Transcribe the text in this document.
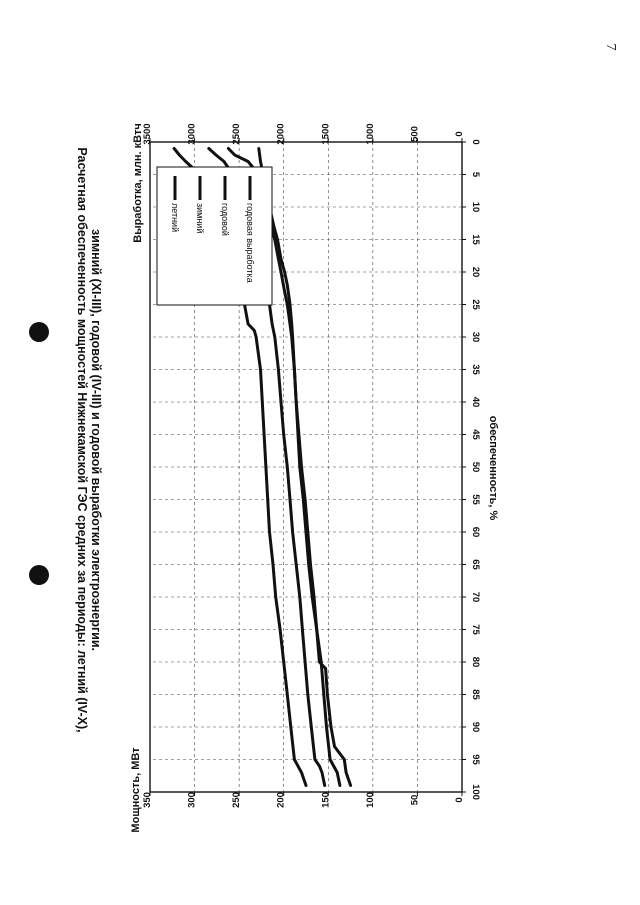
7
Расчетная обеспеченность мощностей Нижнекамской ГЭС средних за периоды: летний (IV-X), зимний (XI-III), годовой (IV-III) и годовой выработки электроэнергии.
Выработка, млн. кВтч	0
500
1000
1500
2000
2500
3000
3500
летний зимний годовой годовая выработка
0
50
100
150
200
250
300
350
0
5
10
15
20
25
30
35
40
45
50
55
60
65
70
75
80
85
90
95
100
обеспеченность, %
Мощность, МВт
